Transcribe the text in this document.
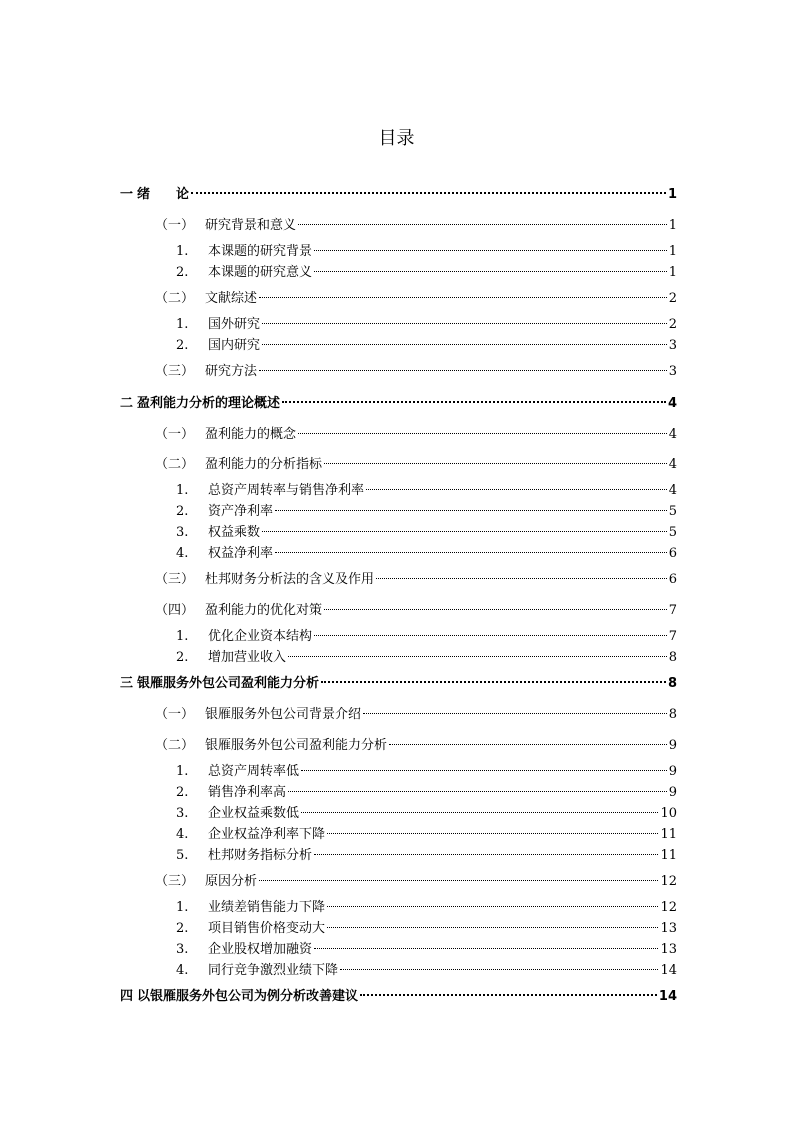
目录
一 绪　　论	1
（一） 研究背景和意义	1
1.	本课题的研究背景	1
2.	本课题的研究意义	1
（二） 文献综述	2
1.	国外研究	2
2.	国内研究	3
（三） 研究方法	3
二 盈利能力分析的理论概述	4
（一） 盈利能力的概念	4
（二） 盈利能力的分析指标	4
1.	总资产周转率与销售净利率	4
2.	资产净利率	5
3.	权益乘数	5
4.	权益净利率	6
（三） 杜邦财务分析法的含义及作用	6
（四） 盈利能力的优化对策	7
1.	优化企业资本结构	7
2.	增加营业收入	8
三 银雁服务外包公司盈利能力分析	8
（一） 银雁服务外包公司背景介绍	8
（二） 银雁服务外包公司盈利能力分析	9
1.	总资产周转率低	9
2.	销售净利率高	9
3.	企业权益乘数低	10
4.	企业权益净利率下降	11
5.	杜邦财务指标分析	11
（三） 原因分析	12
1.	业绩差销售能力下降	12
2.	项目销售价格变动大	13
3.	企业股权增加融资	13
4.	同行竞争激烈业绩下降	14
四 以银雁服务外包公司为例分析改善建议	14
